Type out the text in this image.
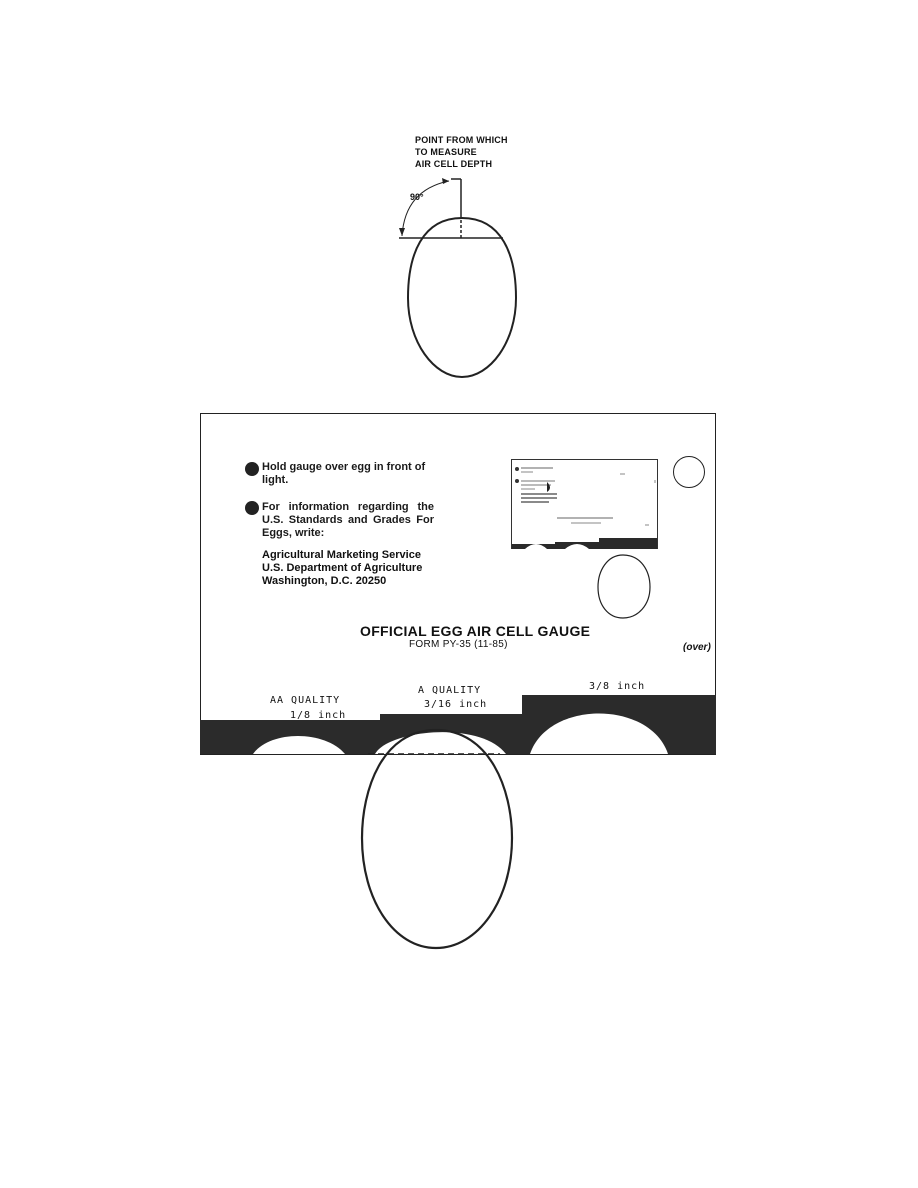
POINT FROM WHICH
TO MEASURE
AIR CELL DEPTH
90°
Hold gauge over egg in front of light.
For information regarding the U.S. Standards and Grades For Eggs, write:
Agricultural Marketing Service
U.S. Department of Agriculture
Washington, D.C. 20250
OFFICIAL EGG AIR CELL GAUGE
FORM PY-35 (11-85)	(over)
AA QUALITY
1/8 inch
A QUALITY
3/16 inch
3/8 inch
